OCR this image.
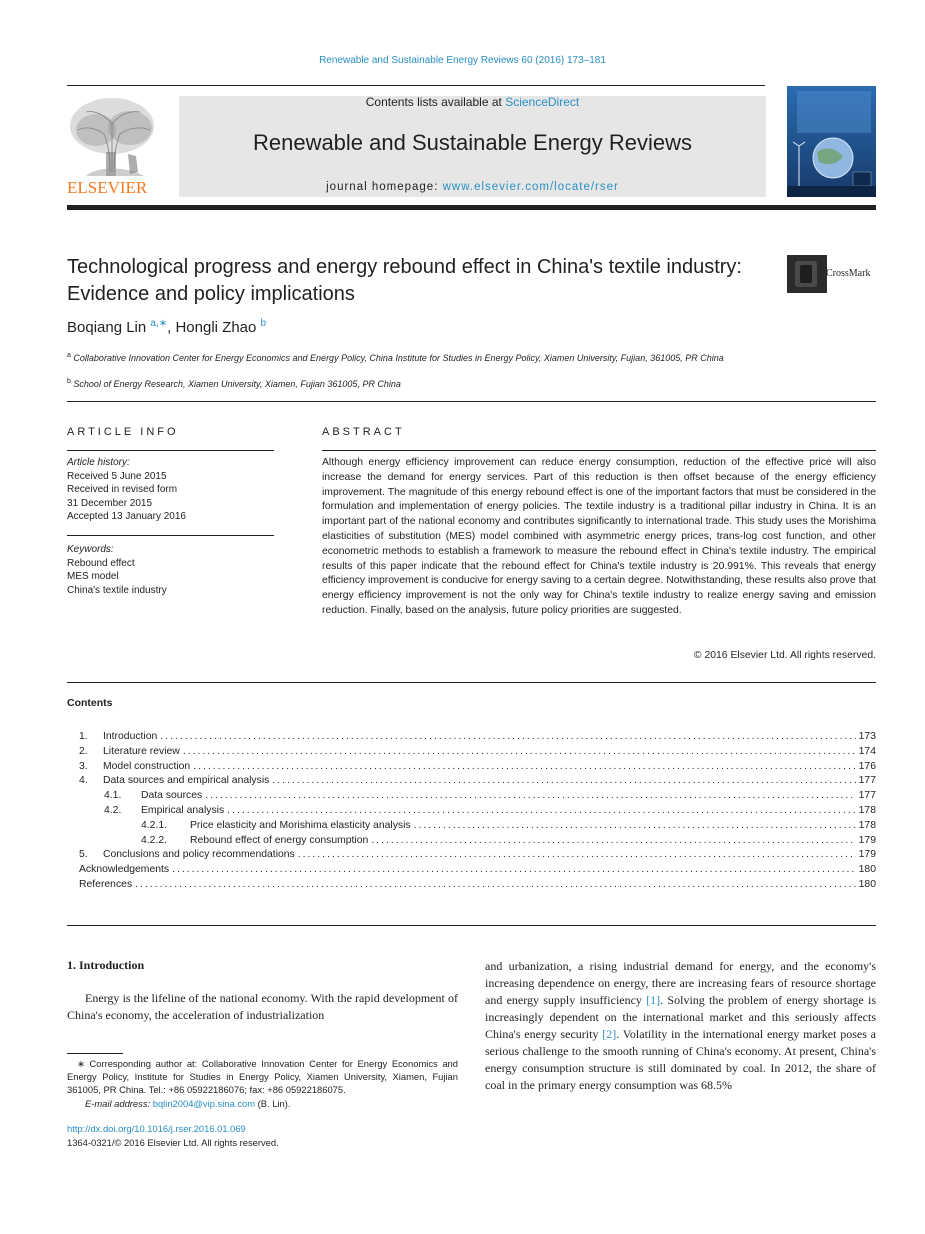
Renewable and Sustainable Energy Reviews 60 (2016) 173–181
ELSEVIER
Contents lists available at ScienceDirect
Renewable and Sustainable Energy Reviews
journal homepage: www.elsevier.com/locate/rser
Technological progress and energy rebound effect in China's textile industry: Evidence and policy implications
CrossMark
Boqiang Lin $^{a,∗}$, Hongli Zhao $^b$
$^a$ Collaborative Innovation Center for Energy Economics and Energy Policy, China Institute for Studies in Energy Policy, Xiamen University, Fujian, 361005, PR China
$^b$ School of Energy Research, Xiamen University, Xiamen, Fujian 361005, PR China
ARTICLE INFO
Article history:
Received 5 June 2015
Received in revised form
31 December 2015
Accepted 13 January 2016
Keywords:
Rebound effect
MES model
China's textile industry
ABSTRACT
Although energy efficiency improvement can reduce energy consumption, reduction of the effective price will also increase the demand for energy services. Part of this reduction is then offset because of the energy efficiency improvement. The magnitude of this energy rebound effect is one of the important factors that must be considered in the formulation and implementation of energy policies. The textile industry is a traditional pillar industry in China. It is an important part of the national economy and contributes significantly to international trade. This study uses the Morishima elasticities of substitution (MES) model combined with asymmetric energy prices, trans-log cost function, and other econometric methods to establish a framework to measure the rebound effect in China's textile industry. The empirical results of this paper indicate that the rebound effect for China's textile industry is 20.991%. This reveals that energy efficiency improvement is conducive for energy saving to a certain degree. Notwithstanding, these results also prove that energy efficiency improvement is not the only way for China's textile industry to realize energy saving and emission reduction. Finally, based on the analysis, future policy priorities are suggested.
© 2016 Elsevier Ltd. All rights reserved.
Contents
1.	Introduction .....	173
2.	Literature review .....	174
3.	Model construction .....	176
4.	Data sources and empirical analysis .....	177
4.1.	Data sources .....	177
4.2.	Empirical analysis .....	178
4.2.1.	Price elasticity and Morishima elasticity analysis .....	178
4.2.2.	Rebound effect of energy consumption .....	179
5.	Conclusions and policy recommendations .....	179
Acknowledgements .....	180
References .....	180
1. Introduction
Energy is the lifeline of the national economy. With the rapid development of China's economy, the acceleration of industrialization
and urbanization, a rising industrial demand for energy, and the economy's increasing dependence on energy, there are increasing fears of resource shortage and energy supply insufficiency [1]. Solving the problem of energy shortage is increasingly dependent on the international market and this seriously affects China's energy security [2]. Volatility in the international energy market poses a serious challenge to the smooth running of China's economy. At present, China's energy consumption structure is still dominated by coal. In 2012, the share of coal in the primary energy consumption was 68.5%
∗ Corresponding author at: Collaborative Innovation Center for Energy Economics and Energy Policy, Institute for Studies in Energy Policy, Xiamen University, Xiamen, Fujian 361005, PR China. Tel.: +86 05922186076; fax: +86 05922186075.
E-mail address: bqlin2004@vip.sina.com (B. Lin).
http://dx.doi.org/10.1016/j.rser.2016.01.069
1364-0321/© 2016 Elsevier Ltd. All rights reserved.
